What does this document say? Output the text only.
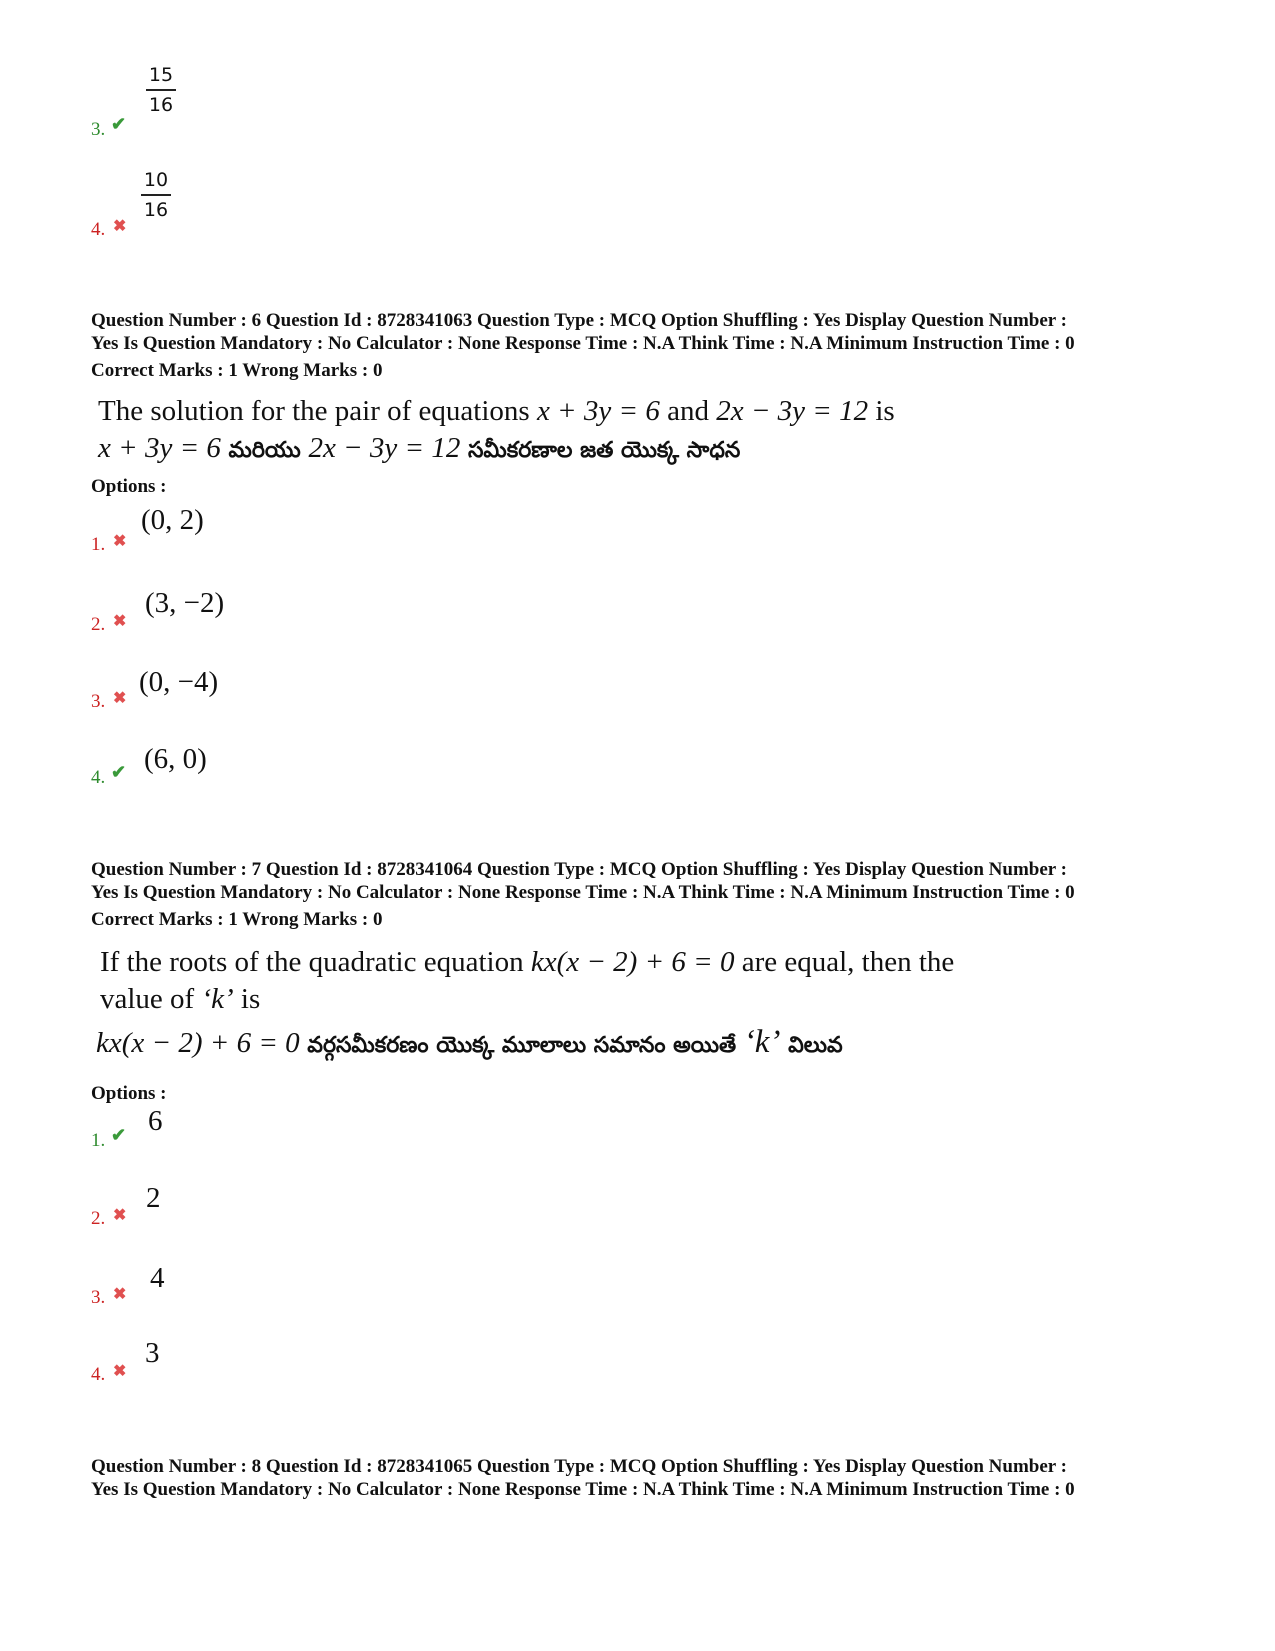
3. ✔
15
16
4. ✖
10
16
Question Number : 6 Question Id : 8728341063 Question Type : MCQ Option Shuffling : Yes Display Question Number :
Yes Is Question Mandatory : No Calculator : None Response Time : N.A Think Time : N.A Minimum Instruction Time : 0
Correct Marks : 1 Wrong Marks : 0
The solution for the pair of equations x + 3y = 6 and 2x − 3y = 12 is
x + 3y = 6 మరియు 2x − 3y = 12 సమీకరణాల జత యొక్క సాధన
Options :
1. ✖
(0, 2)
2. ✖
(3, −2)
3. ✖
(0, −4)
4. ✔ (6, 0)
Question Number : 7 Question Id : 8728341064 Question Type : MCQ Option Shuffling : Yes Display Question Number :
Yes Is Question Mandatory : No Calculator : None Response Time : N.A Think Time : N.A Minimum Instruction Time : 0
Correct Marks : 1 Wrong Marks : 0
If the roots of the quadratic equation kx(x − 2) + 6 = 0 are equal, then the
value of ‘k’ is
kx(x − 2) + 6 = 0 వర్గసమీకరణం యొక్క మూలాలు సమానం అయితే ‘k’ విలువ
Options :
1. ✔ 6
2. ✖
2
3. ✖
4
4. ✖
3
Question Number : 8 Question Id : 8728341065 Question Type : MCQ Option Shuffling : Yes Display Question Number :
Yes Is Question Mandatory : No Calculator : None Response Time : N.A Think Time : N.A Minimum Instruction Time : 0
